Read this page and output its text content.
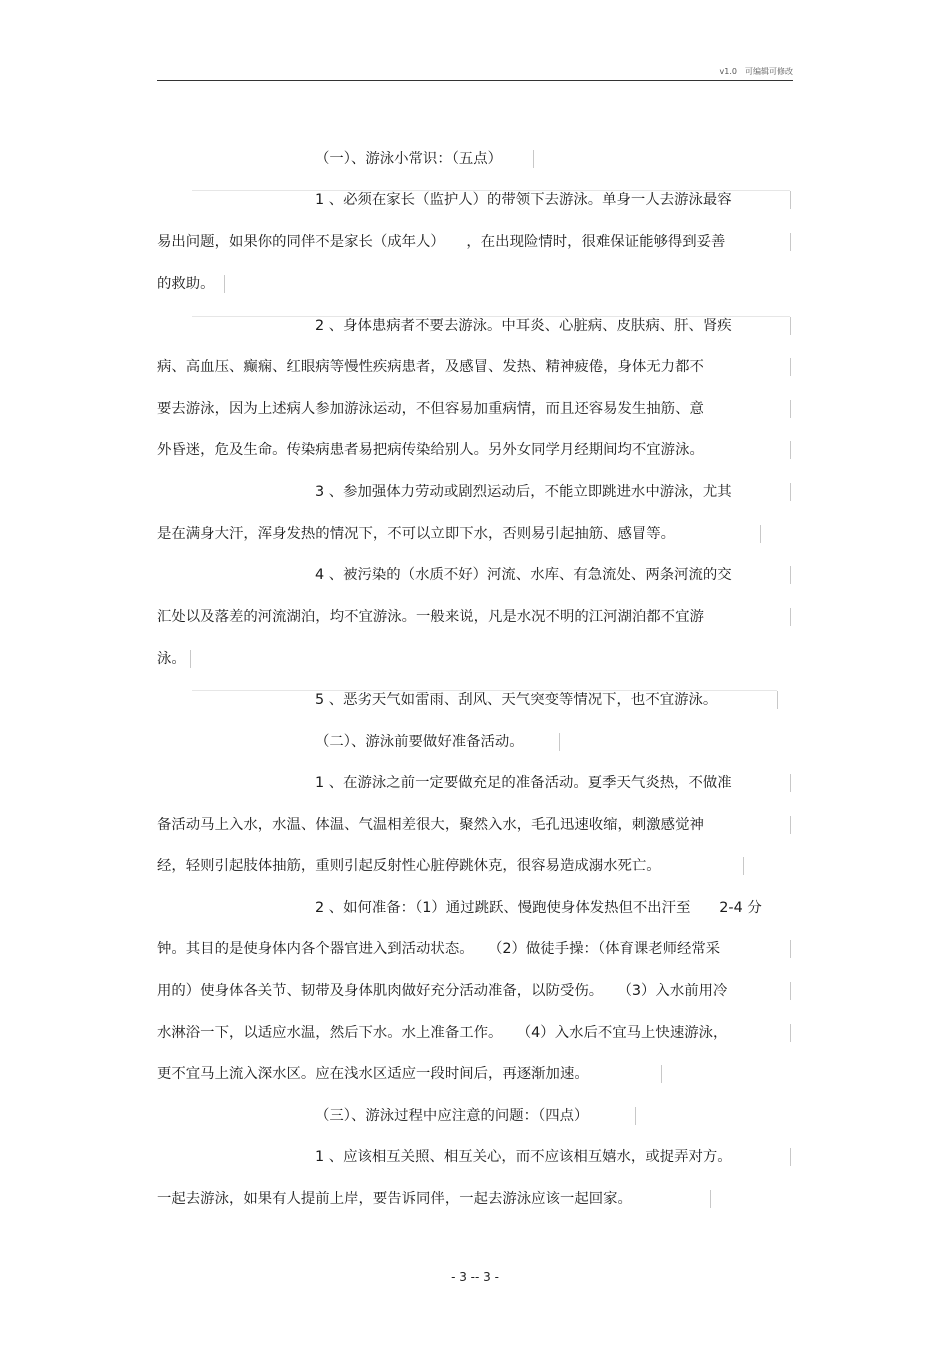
v1.0　可编辑可修改
（一）、游泳小常识：（五点）
1 、必须在家长（监护人）的带领下去游泳。单身一人去游泳最容
易出问题，如果你的同伴不是家长（成年人）　　，在出现险情时，很难保证能够得到妥善
的救助。
2 、身体患病者不要去游泳。中耳炎、心脏病、皮肤病、肝、肾疾
病、高血压、癫痫、红眼病等慢性疾病患者，及感冒、发热、精神疲倦，身体无力都不
要去游泳，因为上述病人参加游泳运动，不但容易加重病情，而且还容易发生抽筋、意
外昏迷，危及生命。传染病患者易把病传染给别人。另外女同学月经期间均不宜游泳。
3 、参加强体力劳动或剧烈运动后，不能立即跳进水中游泳，尤其
是在满身大汗，浑身发热的情况下，不可以立即下水，否则易引起抽筋、感冒等。
4 、被污染的（水质不好）河流、水库、有急流处、两条河流的交
汇处以及落差的河流湖泊，均不宜游泳。一般来说，凡是水况不明的江河湖泊都不宜游
泳。
5 、恶劣天气如雷雨、刮风、天气突变等情况下，也不宜游泳。
（二）、游泳前要做好准备活动。
1 、在游泳之前一定要做充足的准备活动。夏季天气炎热，不做准
备活动马上入水，水温、体温、气温相差很大，聚然入水，毛孔迅速收缩，刺激感觉神
经，轻则引起肢体抽筋，重则引起反射性心脏停跳休克，很容易造成溺水死亡。
2 、如何准备：（1）通过跳跃、慢跑使身体发热但不出汗至　　2-4 分
钟。其目的是使身体内各个器官进入到活动状态。　　（2）做徒手操：（体育课老师经常采
用的）使身体各关节、韧带及身体肌肉做好充分活动准备，以防受伤。　　（3）入水前用冷
水淋浴一下，以适应水温，然后下水。水上准备工作。　　（4）入水后不宜马上快速游泳，
更不宜马上流入深水区。应在浅水区适应一段时间后，再逐渐加速。
（三）、游泳过程中应注意的问题：（四点）
1 、应该相互关照、相互关心，而不应该相互嬉水，或捉弄对方。
一起去游泳，如果有人提前上岸，要告诉同伴，一起去游泳应该一起回家。
- 3 -- 3 -
